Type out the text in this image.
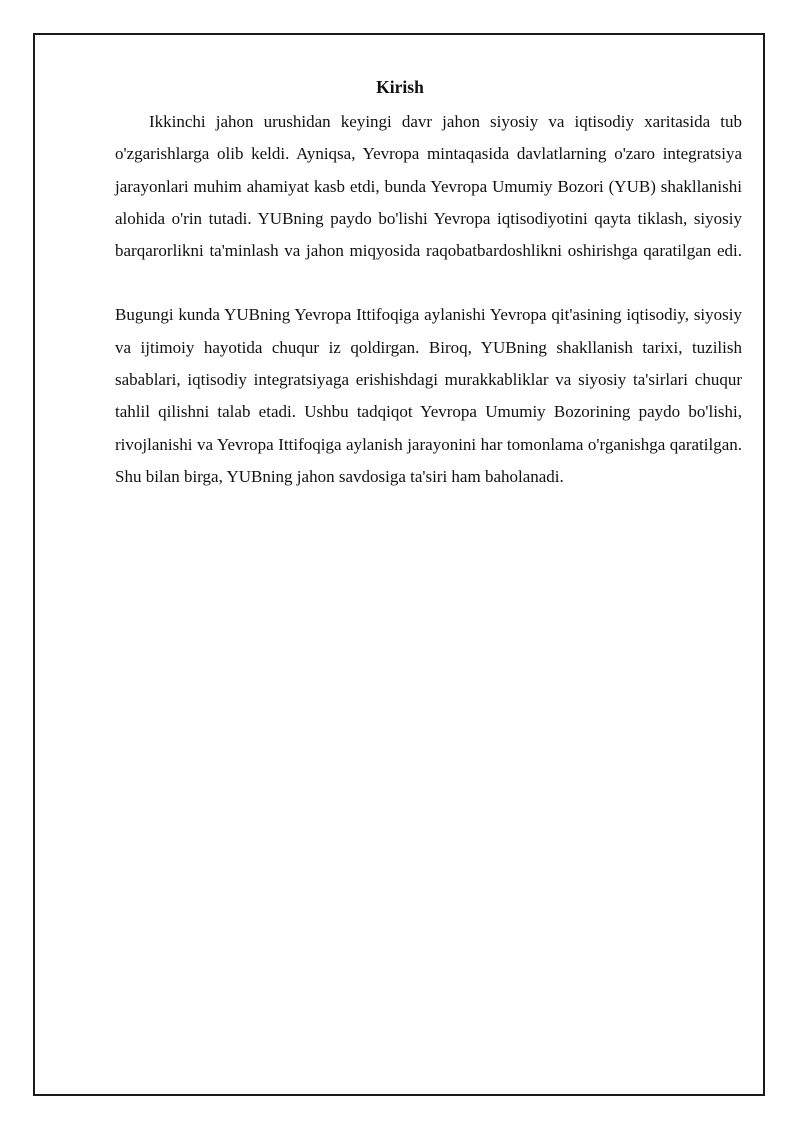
Kirish

Ikkinchi jahon urushidan keyingi davr jahon siyosiy va iqtisodiy xaritasida tub o'zgarishlarga olib keldi. Ayniqsa, Yevropa mintaqasida davlatlarning o'zaro integratsiya jarayonlari muhim ahamiyat kasb etdi, bunda Yevropa Umumiy Bozori (YUB) shakllanishi alohida o'rin tutadi. YUBning paydo bo'lishi Yevropa iqtisodiyotini qayta tiklash, siyosiy barqarorlikni ta'minlash va jahon miqyosida raqobatbardoshlikni oshirishga qaratilgan edi.

Bugungi kunda YUBning Yevropa Ittifoqiga aylanishi Yevropa qit'asining iqtisodiy, siyosiy va ijtimoiy hayotida chuqur iz qoldirgan. Biroq, YUBning shakllanish tarixi, tuzilish sabablari, iqtisodiy integratsiyaga erishishdagi murakkabliklar va siyosiy ta'sirlari chuqur tahlil qilishni talab etadi. Ushbu tadqiqot Yevropa Umumiy Bozorining paydo bo'lishi, rivojlanishi va Yevropa Ittifoqiga aylanish jarayonini har tomonlama o'rganishga qaratilgan. Shu bilan birga, YUBning jahon savdosiga ta'siri ham baholanadi.
